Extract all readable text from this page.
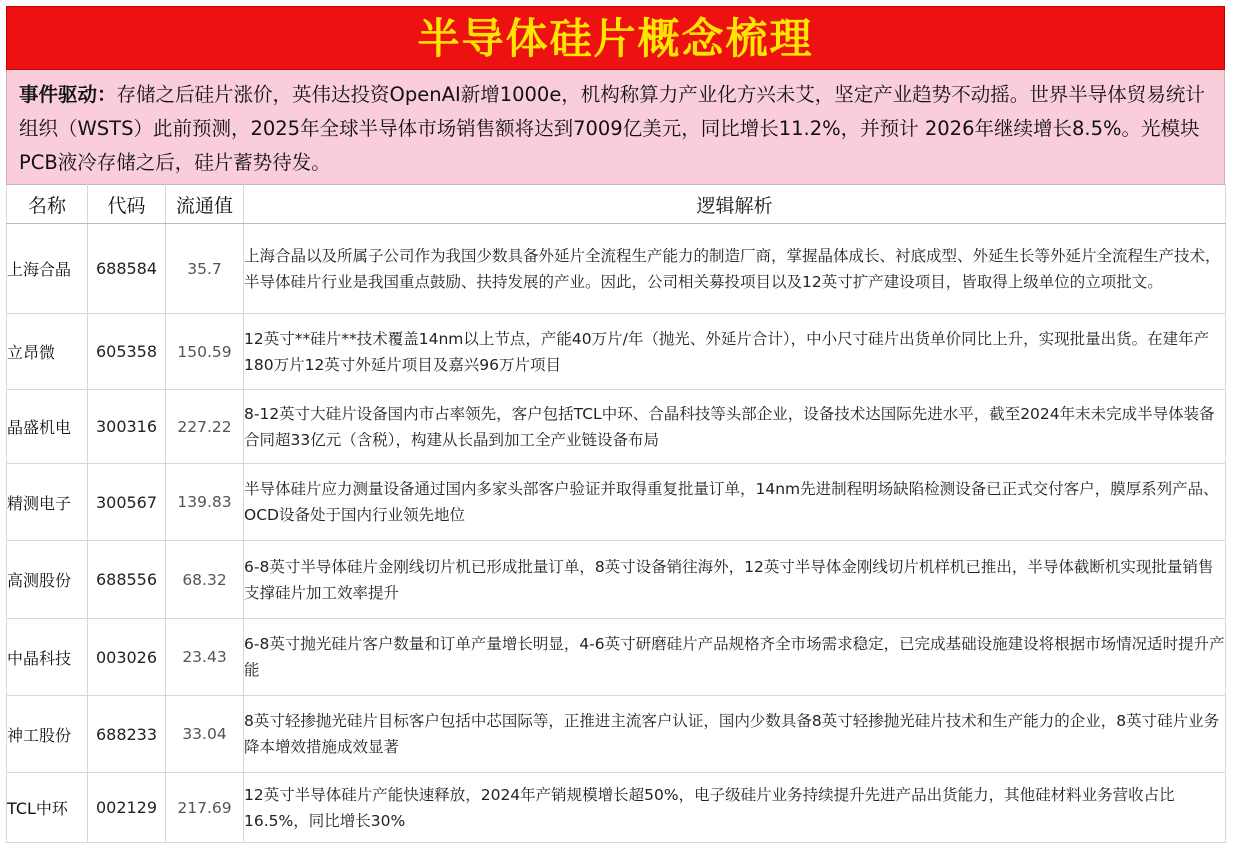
半导体硅片概念梳理
事件驱动：存储之后硅片涨价，英伟达投资OpenAI新增1000e，机构称算力产业化方兴未艾，坚定产业趋势不动摇。世界半导体贸易统计组织（WSTS）此前预测，2025年全球半导体市场销售额将达到7009亿美元，同比增长11.2%，并预计 2026年继续增长8.5%。光模块PCB液冷存储之后，硅片蓄势待发。
名称	代码	流通值	逻辑解析
上海合晶	688584	35.7	上海合晶以及所属子公司作为我国少数具备外延片全流程生产能力的制造厂商，掌握晶体成长、衬底成型、外延生长等外延片全流程生产技术，半导体硅片行业是我国重点鼓励、扶持发展的产业。因此，公司相关募投项目以及12英寸扩产建设项目，皆取得上级单位的立项批文。
立昂微	605358	150.59	12英寸**硅片**技术覆盖14nm以上节点，产能40万片/年（抛光、外延片合计），中小尺寸硅片出货单价同比上升，实现批量出货。在建年产180万片12英寸外延片项目及嘉兴96万片项目
晶盛机电	300316	227.22	8-12英寸大硅片设备国内市占率领先，客户包括TCL中环、合晶科技等头部企业，设备技术达国际先进水平，截至2024年末未完成半导体装备合同超33亿元（含税），构建从长晶到加工全产业链设备布局
精测电子	300567	139.83	半导体硅片应力测量设备通过国内多家头部客户验证并取得重复批量订单，14nm先进制程明场缺陷检测设备已正式交付客户，膜厚系列产品、OCD设备处于国内行业领先地位
高测股份	688556	68.32	6-8英寸半导体硅片金刚线切片机已形成批量订单，8英寸设备销往海外，12英寸半导体金刚线切片机样机已推出，半导体截断机实现批量销售支撑硅片加工效率提升
中晶科技	003026	23.43	6-8英寸抛光硅片客户数量和订单产量增长明显，4-6英寸研磨硅片产品规格齐全市场需求稳定，已完成基础设施建设将根据市场情况适时提升产能
神工股份	688233	33.04	8英寸轻掺抛光硅片目标客户包括中芯国际等，正推进主流客户认证，国内少数具备8英寸轻掺抛光硅片技术和生产能力的企业，8英寸硅片业务降本增效措施成效显著
TCL中环	002129	217.69	12英寸半导体硅片产能快速释放，2024年产销规模增长超50%，电子级硅片业务持续提升先进产品出货能力，其他硅材料业务营收占比16.5%，同比增长30%
